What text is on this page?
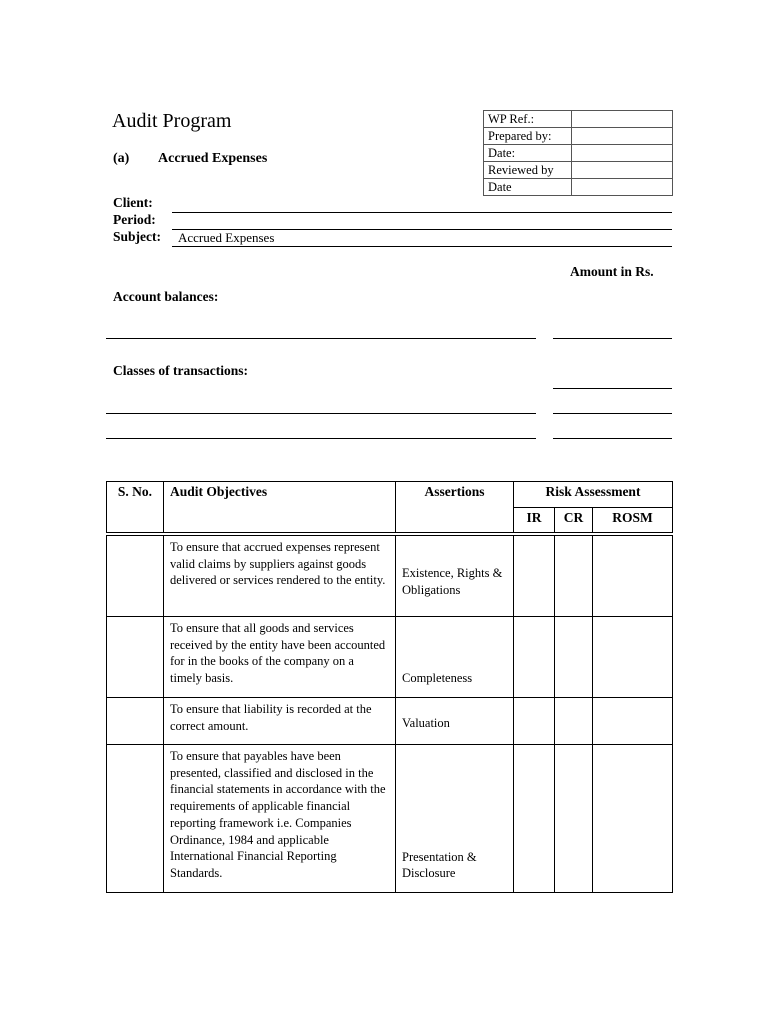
Audit Program
(a) Accrued Expenses
WP Ref.:	
Prepared by:	
Date:	
Reviewed by	
Date	
Client:
Period:
Subject: Accrued Expenses
Amount in Rs.
Account balances:
Classes of transactions:
S. No.	Audit Objectives	Assertions	Risk Assessment		
			IR	CR	ROSM

	To ensure that accrued expenses represent valid claims by suppliers against goods delivered or services rendered to the entity.	Existence, Rights & Obligations			

	To ensure that all goods and services received by the entity have been accounted for in the books of the company on a timely basis.	Completeness			

	To ensure that liability is recorded at the correct amount.	Valuation			

	To ensure that payables have been presented, classified and disclosed in the financial statements in accordance with the requirements of applicable financial reporting framework i.e. Companies Ordinance, 1984 and applicable International Financial Reporting Standards.	Presentation & Disclosure			
